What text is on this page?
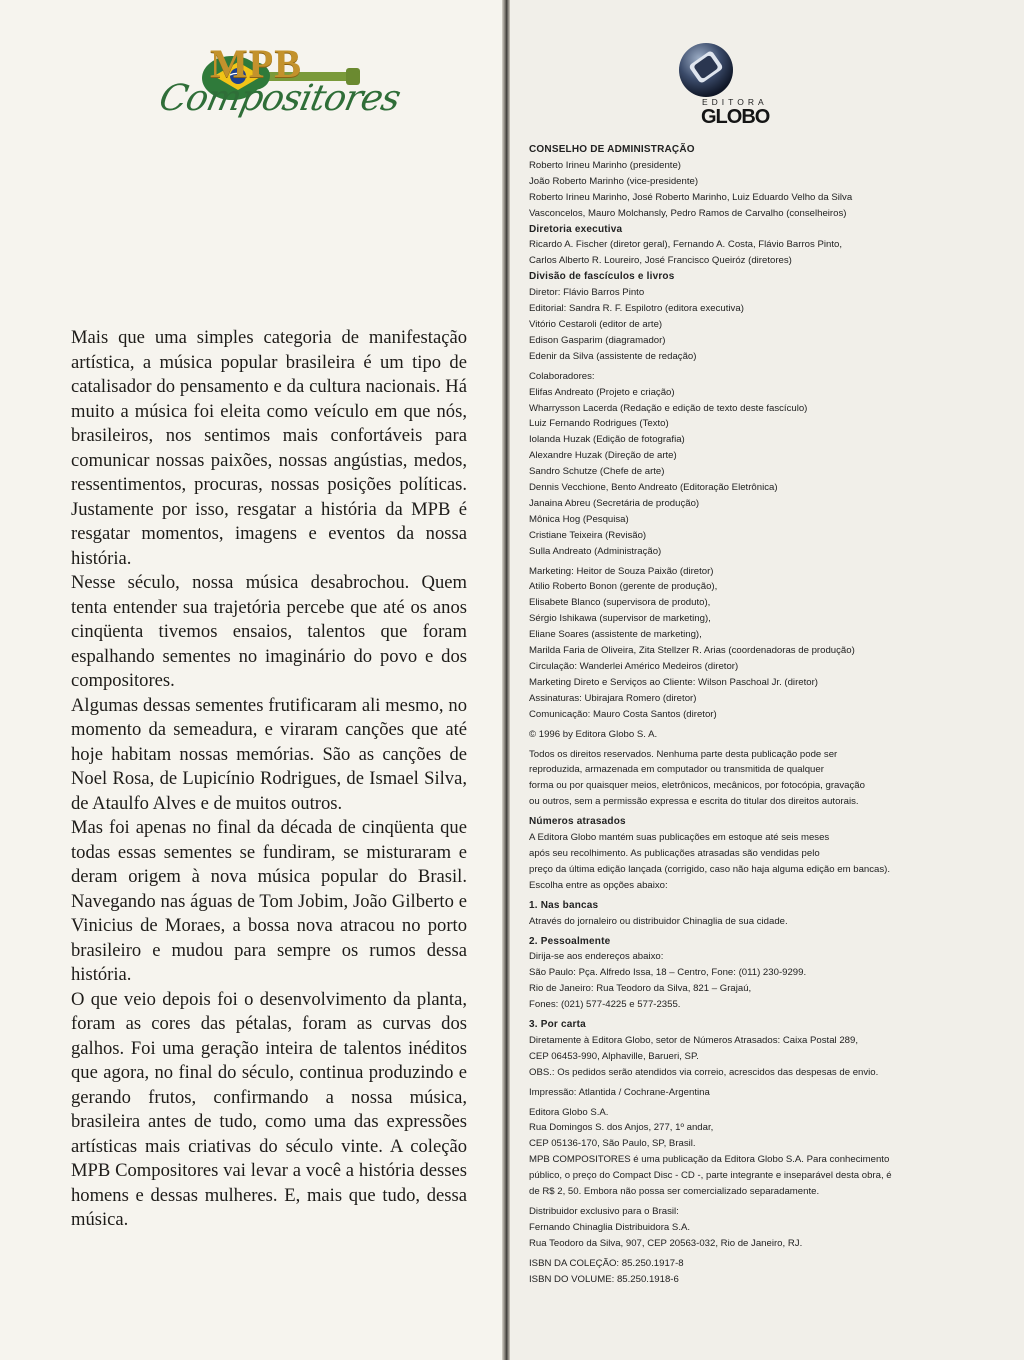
MPB
Compositores

Mais que uma simples categoria de manifestação artística, a música popular brasileira é um tipo de catalisador do pensamento e da cultura nacionais. Há muito a música foi eleita como veículo em que nós, brasileiros, nos sentimos mais confortáveis para comunicar nossas paixões, nossas angústias, medos, ressentimentos, procuras, nossas posições políticas. Justamente por isso, resgatar a história da MPB é resgatar momentos, imagens e eventos da nossa história.

Nesse século, nossa música desabrochou. Quem tenta entender sua trajetória percebe que até os anos cinqüenta tivemos ensaios, talentos que foram espalhando sementes no imaginário do povo e dos compositores.

Algumas dessas sementes frutificaram ali mesmo, no momento da semeadura, e viraram canções que até hoje habitam nossas memórias. São as canções de Noel Rosa, de Lupicínio Rodrigues, de Ismael Silva, de Ataulfo Alves e de muitos outros.

Mas foi apenas no final da década de cinqüenta que todas essas sementes se fundiram, se misturaram e deram origem à nova música popular do Brasil. Navegando nas águas de Tom Jobim, João Gilberto e Vinicius de Moraes, a bossa nova atracou no porto brasileiro e mudou para sempre os rumos dessa história.

O que veio depois foi o desenvolvimento da planta, foram as cores das pétalas, foram as curvas dos galhos. Foi uma geração inteira de talentos inéditos que agora, no final do século, continua produzindo e gerando frutos, confirmando a nossa música, brasileira antes de tudo, como uma das expressões artísticas mais criativas do século vinte. A coleção MPB Compositores vai levar a você a história desses homens e dessas mulheres. E, mais que tudo, dessa música.

EDITORA
GLOBO
CONSELHO DE ADMINISTRAÇÃO
Roberto Irineu Marinho (presidente)
João Roberto Marinho (vice-presidente)
Roberto Irineu Marinho, José Roberto Marinho, Luiz Eduardo Velho da Silva
Vasconcelos, Mauro Molchansly, Pedro Ramos de Carvalho (conselheiros)
Diretoria executiva
Ricardo A. Fischer (diretor geral), Fernando A. Costa, Flávio Barros Pinto,
Carlos Alberto R. Loureiro, José Francisco Queiróz (diretores)
Divisão de fascículos e livros
Diretor: Flávio Barros Pinto
Editorial: Sandra R. F. Espilotro (editora executiva)
Vitório Cestaroli (editor de arte)
Edison Gasparim (diagramador)
Edenir da Silva (assistente de redação)
Colaboradores:
Elifas Andreato (Projeto e criação)
Wharrysson Lacerda (Redação e edição de texto deste fascículo)
Luiz Fernando Rodrigues (Texto)
Iolanda Huzak (Edição de fotografia)
Alexandre Huzak (Direção de arte)
Sandro Schutze (Chefe de arte)
Dennis Vecchione, Bento Andreato (Editoração Eletrônica)
Janaina Abreu (Secretária de produção)
Mônica Hog (Pesquisa)
Cristiane Teixeira (Revisão)
Sulla Andreato (Administração)
Marketing: Heitor de Souza Paixão (diretor)
Atilio Roberto Bonon (gerente de produção),
Elisabete Blanco (supervisora de produto),
Sérgio Ishikawa (supervisor de marketing),
Eliane Soares (assistente de marketing),
Marilda Faria de Oliveira, Zita Stellzer R. Arias (coordenadoras de produção)
Circulação: Wanderlei Américo Medeiros (diretor)
Marketing Direto e Serviços ao Cliente: Wilson Paschoal Jr. (diretor)
Assinaturas: Ubirajara Romero (diretor)
Comunicação: Mauro Costa Santos (diretor)
© 1996 by Editora Globo S. A.
Todos os direitos reservados. Nenhuma parte desta publicação pode ser
reproduzida, armazenada em computador ou transmitida de qualquer
forma ou por quaisquer meios, eletrônicos, mecânicos, por fotocópia, gravação
ou outros, sem a permissão expressa e escrita do titular dos direitos autorais.
Números atrasados
A Editora Globo mantém suas publicações em estoque até seis meses
após seu recolhimento. As publicações atrasadas são vendidas pelo
preço da última edição lançada (corrigido, caso não haja alguma edição em bancas).
Escolha entre as opções abaixo:
1. Nas bancas
Através do jornaleiro ou distribuidor Chinaglia de sua cidade.
2. Pessoalmente
Dirija-se aos endereços abaixo:
São Paulo: Pça. Alfredo Issa, 18 – Centro, Fone: (011) 230-9299.
Rio de Janeiro: Rua Teodoro da Silva, 821 – Grajaú,
Fones: (021) 577-4225 e 577-2355.
3. Por carta
Diretamente à Editora Globo, setor de Números Atrasados: Caixa Postal 289,
CEP 06453-990, Alphaville, Barueri, SP.
OBS.: Os pedidos serão atendidos via correio, acrescidos das despesas de envio.
Impressão: Atlantida / Cochrane-Argentina
Editora Globo S.A.
Rua Domingos S. dos Anjos, 277, 1º andar,
CEP 05136-170, São Paulo, SP, Brasil.
MPB COMPOSITORES é uma publicação da Editora Globo S.A. Para conhecimento
público, o preço do Compact Disc - CD -, parte integrante e inseparável desta obra, é
de R$ 2, 50. Embora não possa ser comercializado separadamente.
Distribuidor exclusivo para o Brasil:
Fernando Chinaglia Distribuidora S.A.
Rua Teodoro da Silva, 907, CEP 20563-032, Rio de Janeiro, RJ.
ISBN DA COLEÇÃO: 85.250.1917-8
ISBN DO VOLUME: 85.250.1918-6
